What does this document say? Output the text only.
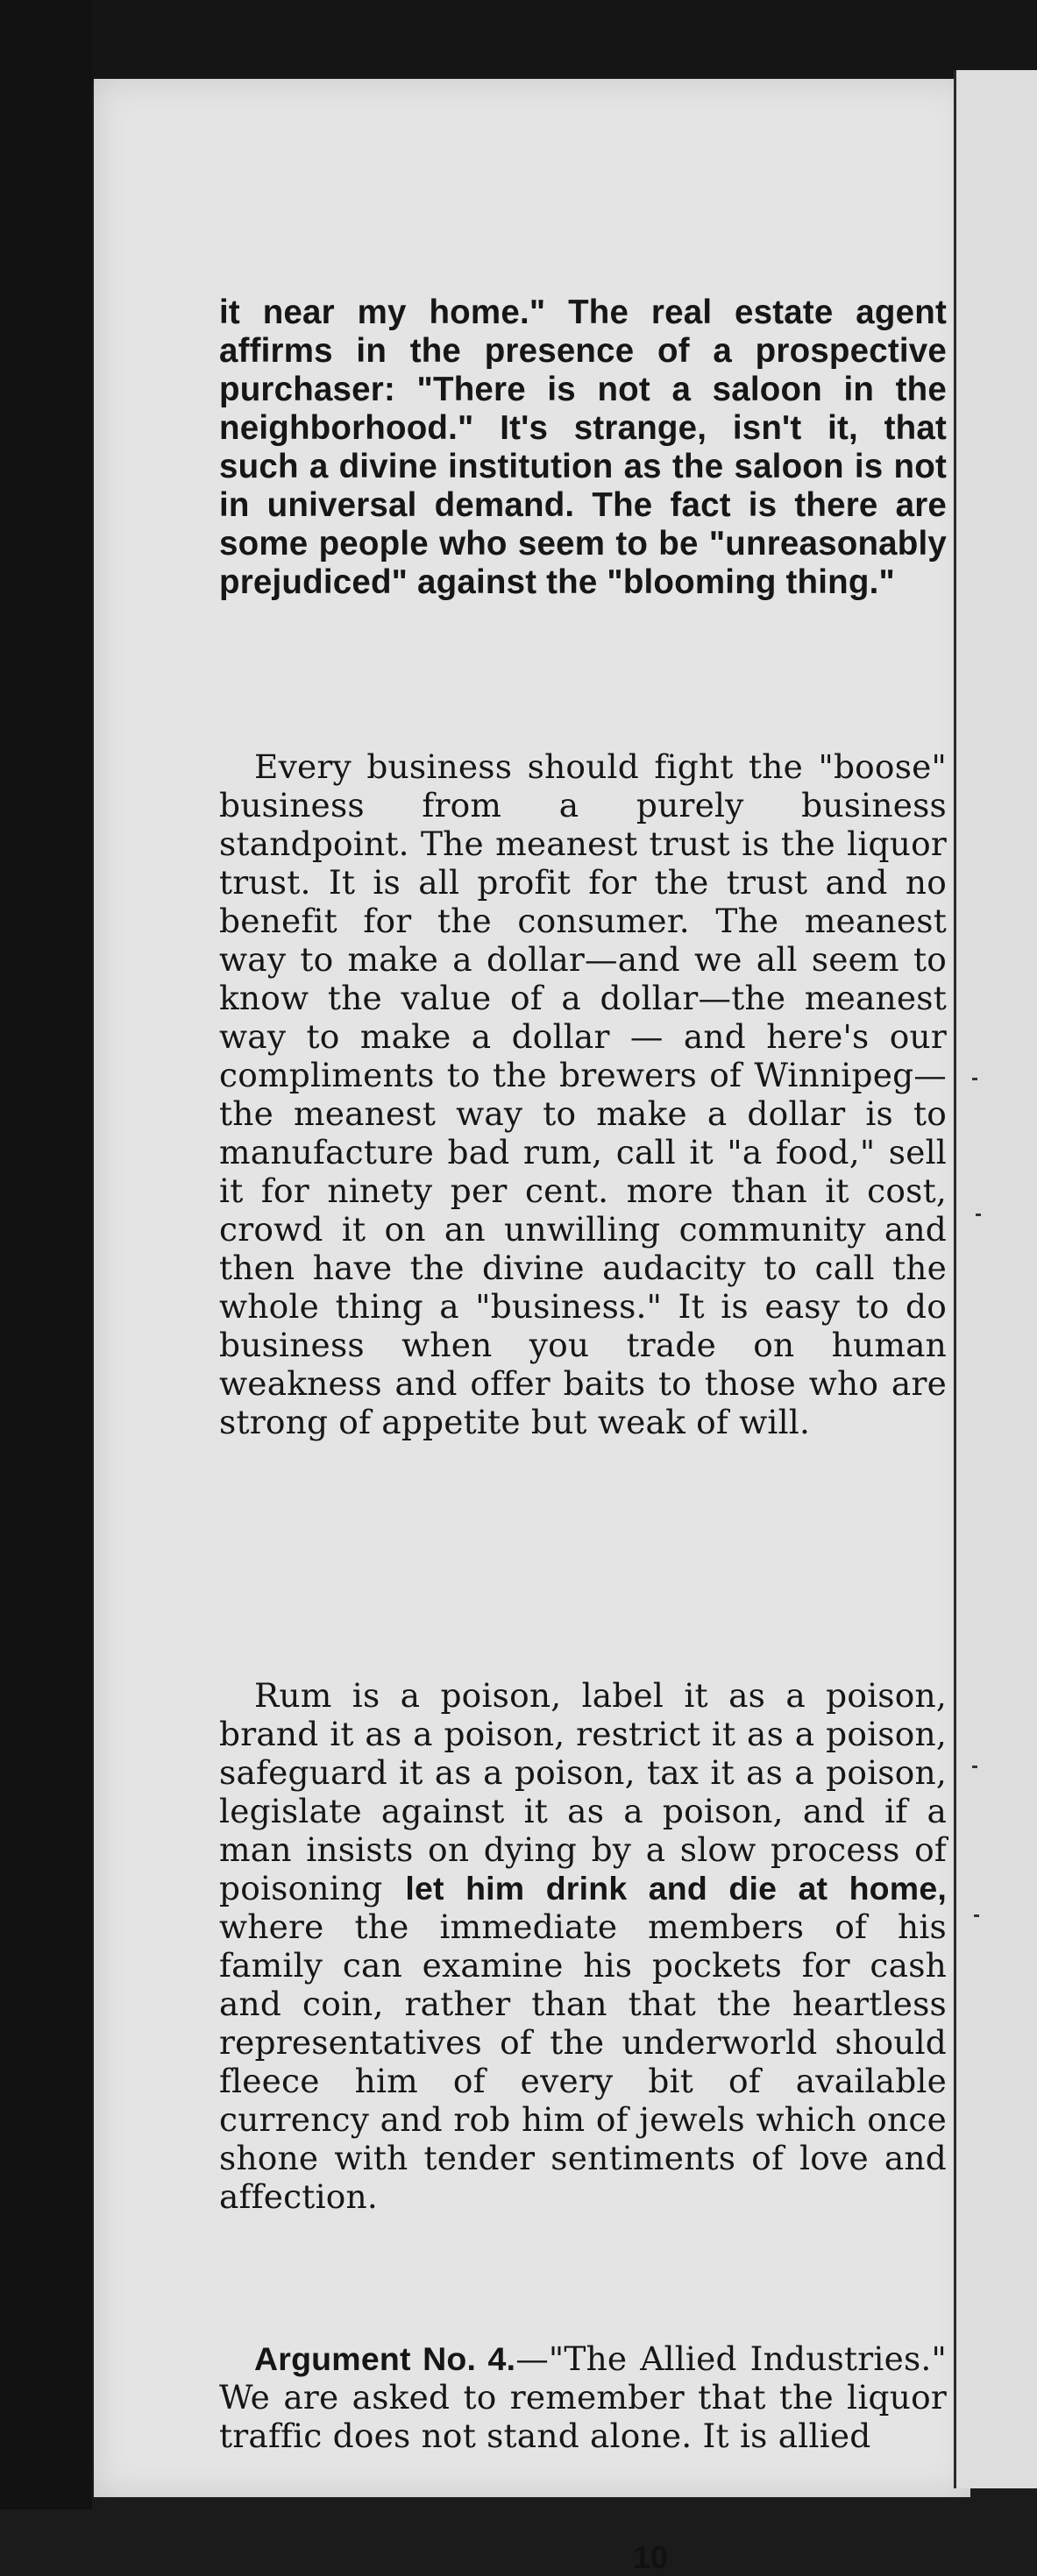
it near my home." The real estate agent affirms in the presence of a prospective purchaser: "There is not a saloon in the neighborhood." It's strange, isn't it, that such a divine institution as the saloon is not in universal demand. The fact is there are some people who seem to be "unreasonably prejudiced" against the "blooming thing."

Every business should fight the "boose" business from a purely business standpoint. The meanest trust is the liquor trust. It is all profit for the trust and no benefit for the consumer. The meanest way to make a dollar—and we all seem to know the value of a dollar—the meanest way to make a dollar — and here's our compliments to the brewers of Winnipeg—the meanest way to make a dollar is to manufacture bad rum, call it "a food," sell it for ninety per cent. more than it cost, crowd it on an unwilling community and then have the divine audacity to call the whole thing a "business." It is easy to do business when you trade on human weakness and offer baits to those who are strong of appetite but weak of will.

Rum is a poison, label it as a poison, brand it as a poison, restrict it as a poison, safeguard it as a poison, tax it as a poison, legislate against it as a poison, and if a man insists on dying by a slow process of poisoning let him drink and die at home, where the immediate members of his family can examine his pockets for cash and coin, rather than that the heartless representatives of the underworld should fleece him of every bit of available currency and rob him of jewels which once shone with tender sentiments of love and affection.

Argument No. 4.—"The Allied Industries." We are asked to remember that the liquor traffic does not stand alone. It is allied

10
